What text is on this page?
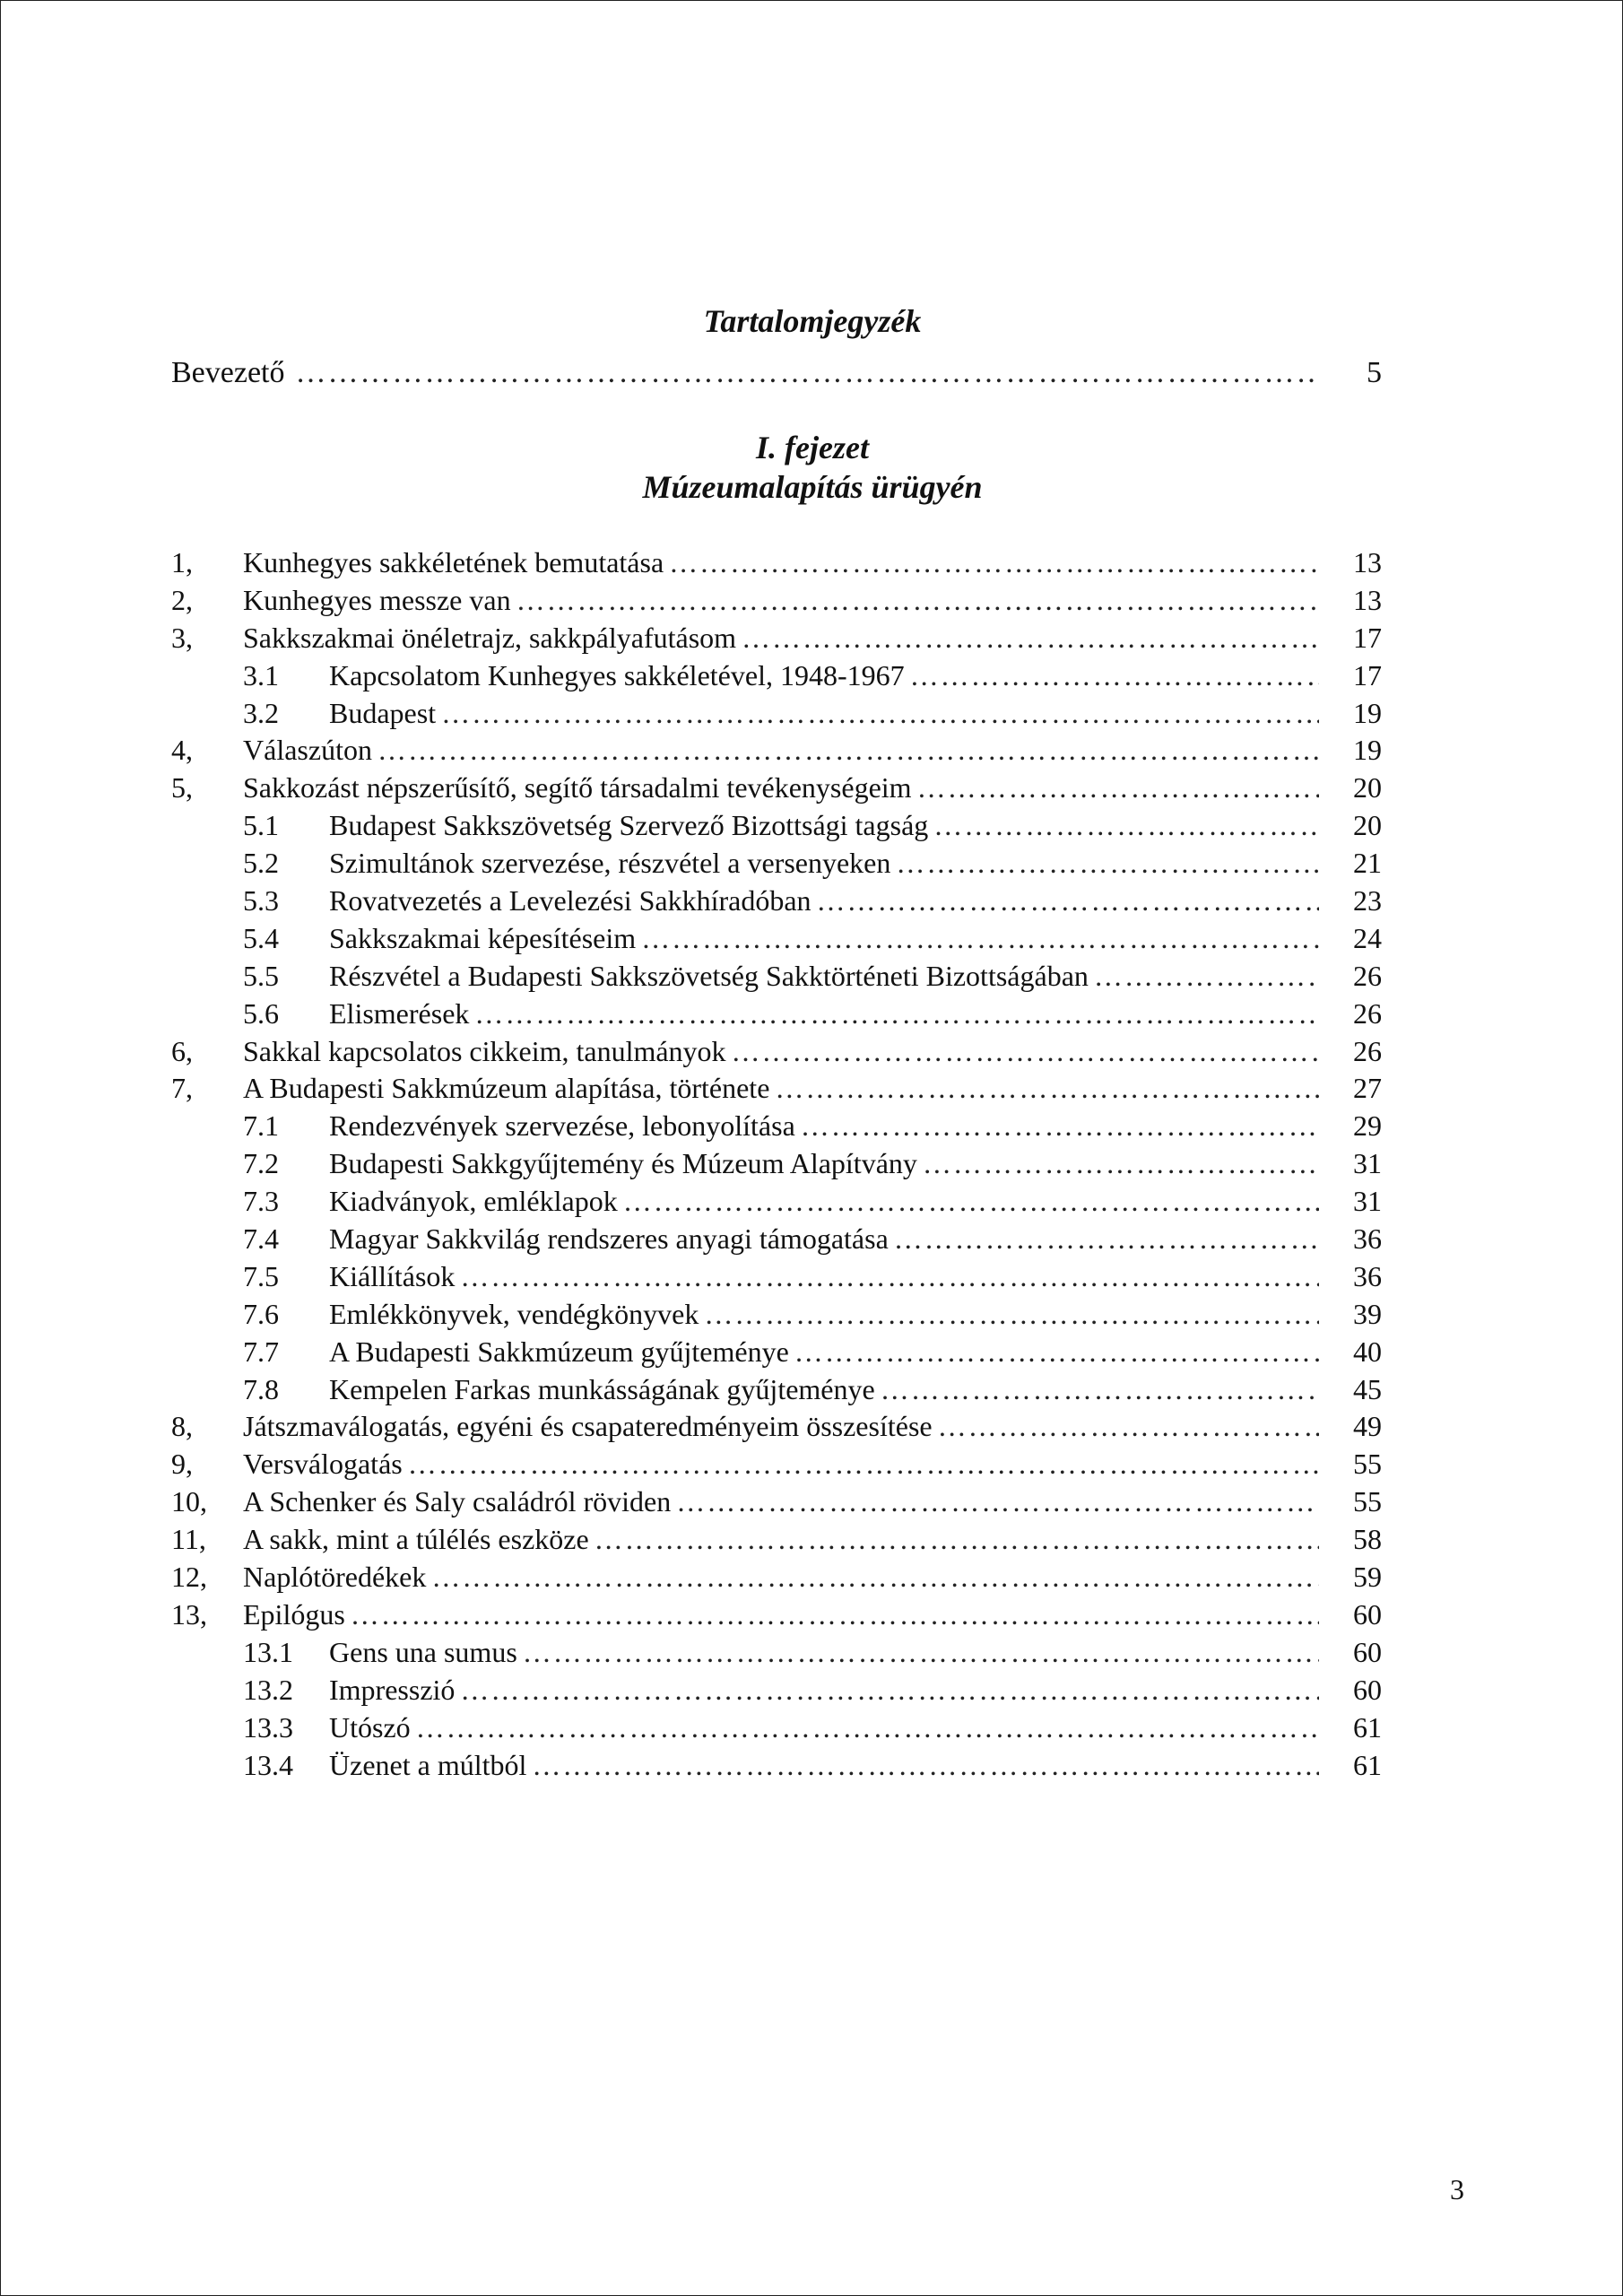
Tartalomjegyzék
Bevezető …………………………………………………………………………………………………………………………………………………………………………	5
I. fejezet
Múzeumalapítás ürügyén
1,	Kunhegyes sakkéletének bemutatása …………………………………………………………………………………………………………………………………………………………………………	13
2,	Kunhegyes messze van …………………………………………………………………………………………………………………………………………………………………………	13
3,	Sakkszakmai önéletrajz, sakkpályafutásom …………………………………………………………………………………………………………………………………………………………………………	17
3.1	Kapcsolatom Kunhegyes sakkéletével, 1948-1967 …………………………………………………………………………………………………………………………………………………………………………	17
3.2	Budapest …………………………………………………………………………………………………………………………………………………………………………	19
4,	Válaszúton …………………………………………………………………………………………………………………………………………………………………………	19
5,	Sakkozást népszerűsítő, segítő társadalmi tevékenységeim …………………………………………………………………………………………………………………………………………………………………………	20
5.1	Budapest Sakkszövetség Szervező Bizottsági tagság …………………………………………………………………………………………………………………………………………………………………………	20
5.2	Szimultánok szervezése, részvétel a versenyeken …………………………………………………………………………………………………………………………………………………………………………	21
5.3	Rovatvezetés a Levelezési Sakkhíradóban …………………………………………………………………………………………………………………………………………………………………………	23
5.4	Sakkszakmai képesítéseim …………………………………………………………………………………………………………………………………………………………………………	24
5.5	Részvétel a Budapesti Sakkszövetség Sakktörténeti Bizottságában …………………………………………………………………………………………………………………………………………………………………………	26
5.6	Elismerések …………………………………………………………………………………………………………………………………………………………………………	26
6,	Sakkal kapcsolatos cikkeim, tanulmányok …………………………………………………………………………………………………………………………………………………………………………	26
7,	A Budapesti Sakkmúzeum alapítása, története …………………………………………………………………………………………………………………………………………………………………………	27
7.1	Rendezvények szervezése, lebonyolítása …………………………………………………………………………………………………………………………………………………………………………	29
7.2	Budapesti Sakkgyűjtemény és Múzeum Alapítvány …………………………………………………………………………………………………………………………………………………………………………	31
7.3	Kiadványok, emléklapok …………………………………………………………………………………………………………………………………………………………………………	31
7.4	Magyar Sakkvilág rendszeres anyagi támogatása …………………………………………………………………………………………………………………………………………………………………………	36
7.5	Kiállítások …………………………………………………………………………………………………………………………………………………………………………	36
7.6	Emlékkönyvek, vendégkönyvek …………………………………………………………………………………………………………………………………………………………………………	39
7.7	A Budapesti Sakkmúzeum gyűjteménye …………………………………………………………………………………………………………………………………………………………………………	40
7.8	Kempelen Farkas munkásságának gyűjteménye …………………………………………………………………………………………………………………………………………………………………………	45
8,	Játszmaválogatás, egyéni és csapateredményeim összesítése …………………………………………………………………………………………………………………………………………………………………………	49
9,	Versválogatás …………………………………………………………………………………………………………………………………………………………………………	55
10,	A Schenker és Saly családról röviden …………………………………………………………………………………………………………………………………………………………………………	55
11,	A sakk, mint a túlélés eszköze …………………………………………………………………………………………………………………………………………………………………………	58
12,	Naplótöredékek …………………………………………………………………………………………………………………………………………………………………………	59
13,	Epilógus …………………………………………………………………………………………………………………………………………………………………………	60
13.1	Gens una sumus …………………………………………………………………………………………………………………………………………………………………………	60
13.2	Impresszió …………………………………………………………………………………………………………………………………………………………………………	60
13.3	Utószó …………………………………………………………………………………………………………………………………………………………………………	61
13.4	Üzenet a múltból …………………………………………………………………………………………………………………………………………………………………………	61
3
